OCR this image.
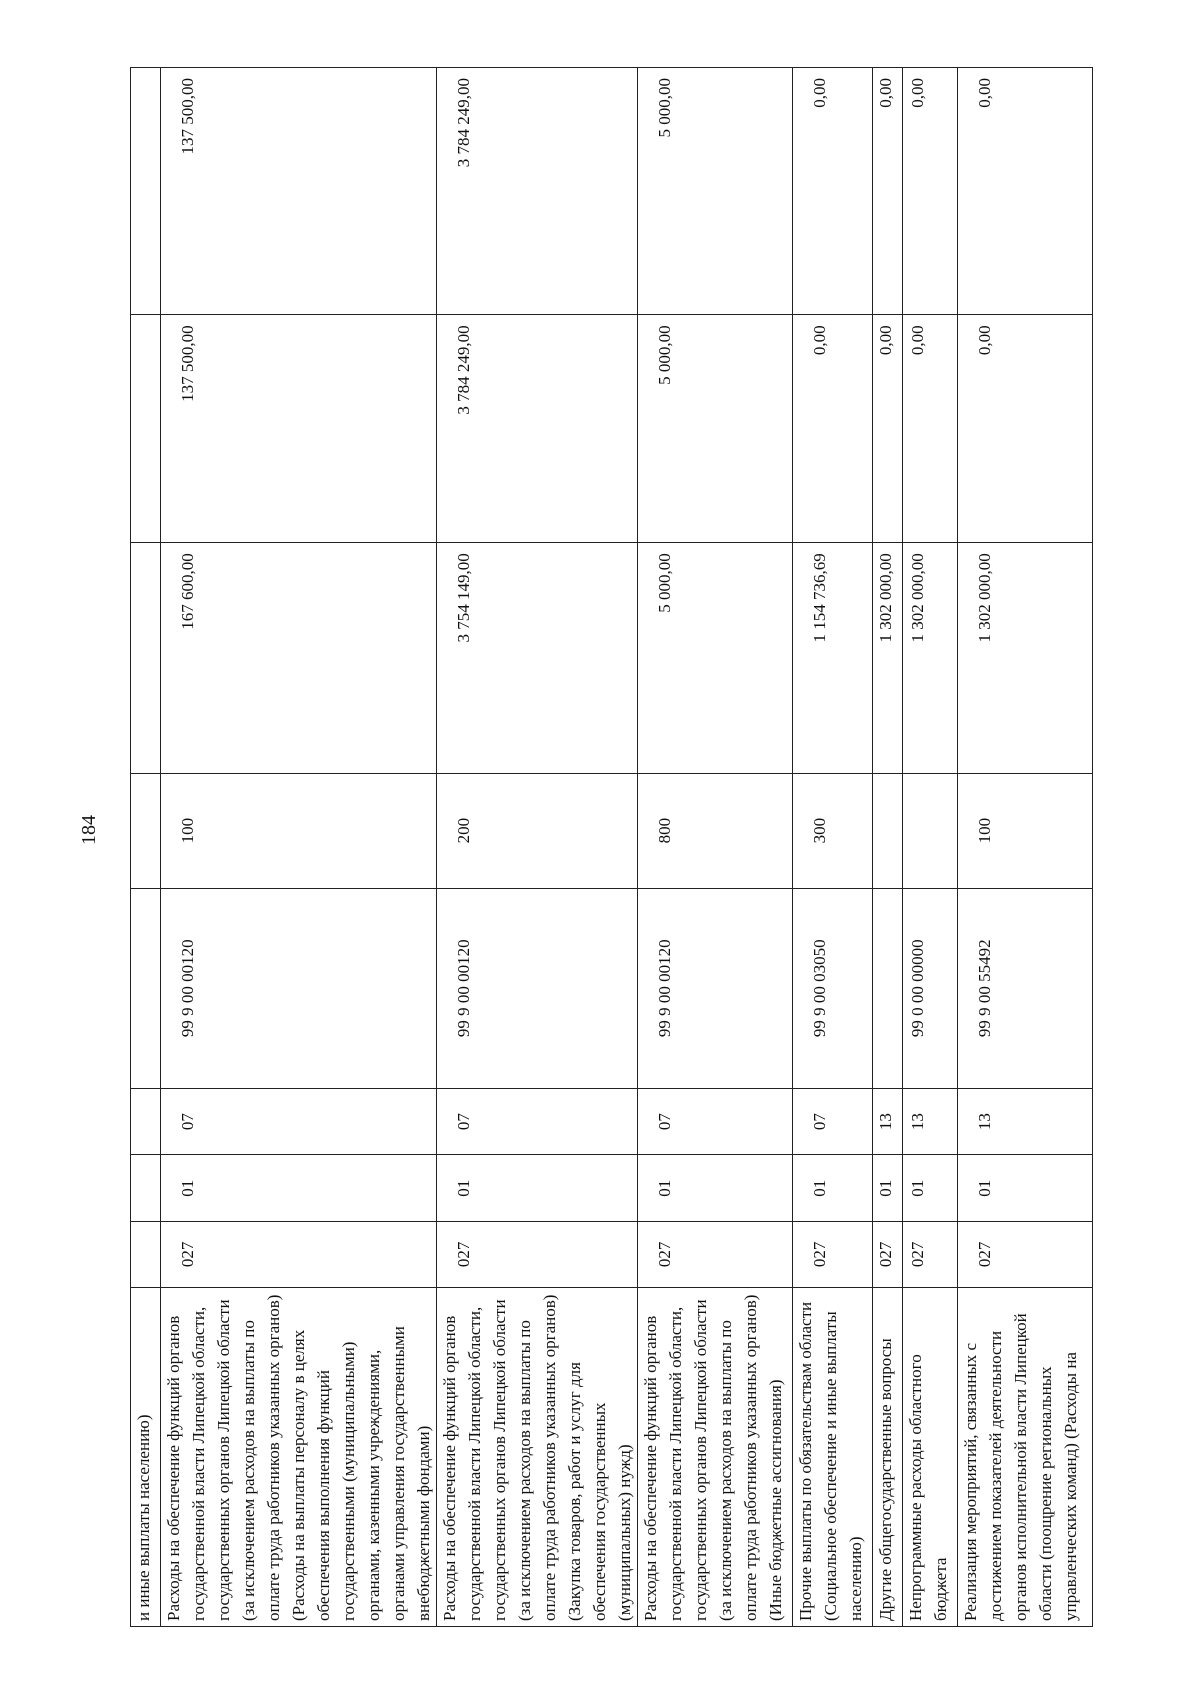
184
и иные выплаты населению)								
Расходы на обеспечение функций органов государственной власти Липецкой области, государственных органов Липецкой области (за исключением расходов на выплаты по оплате труда работников указанных органов) (Расходы на выплаты персоналу в целях обеспечения выполнения функций государственными (муниципальными) органами, казенными учреждениями, органами управления государственными внебюджетными фондами)	027	01	07	99 9 00 00120	100	167 600,00	137 500,00	137 500,00
Расходы на обеспечение функций органов государственной власти Липецкой области, государственных органов Липецкой области (за исключением расходов на выплаты по оплате труда работников указанных органов) (Закупка товаров, работ и услуг для обеспечения государственных (муниципальных) нужд)	027	01	07	99 9 00 00120	200	3 754 149,00	3 784 249,00	3 784 249,00
Расходы на обеспечение функций органов государственной власти Липецкой области, государственных органов Липецкой области (за исключением расходов на выплаты по оплате труда работников указанных органов) (Иные бюджетные ассигнования)	027	01	07	99 9 00 00120	800	5 000,00	5 000,00	5 000,00
Прочие выплаты по обязательствам области (Социальное обеспечение и иные выплаты населению)	027	01	07	99 9 00 03050	300	1 154 736,69	0,00	0,00
Другие общегосударственные вопросы	027	01	13			1 302 000,00	0,00	0,00
Непрограммные расходы областного бюджета	027	01	13	99 0 00 00000		1 302 000,00	0,00	0,00
Реализация мероприятий, связанных с достижением показателей деятельности органов исполнительной власти Липецкой области (поощрение региональных управленческих команд) (Расходы на	027	01	13	99 9 00 55492	100	1 302 000,00	0,00	0,00
